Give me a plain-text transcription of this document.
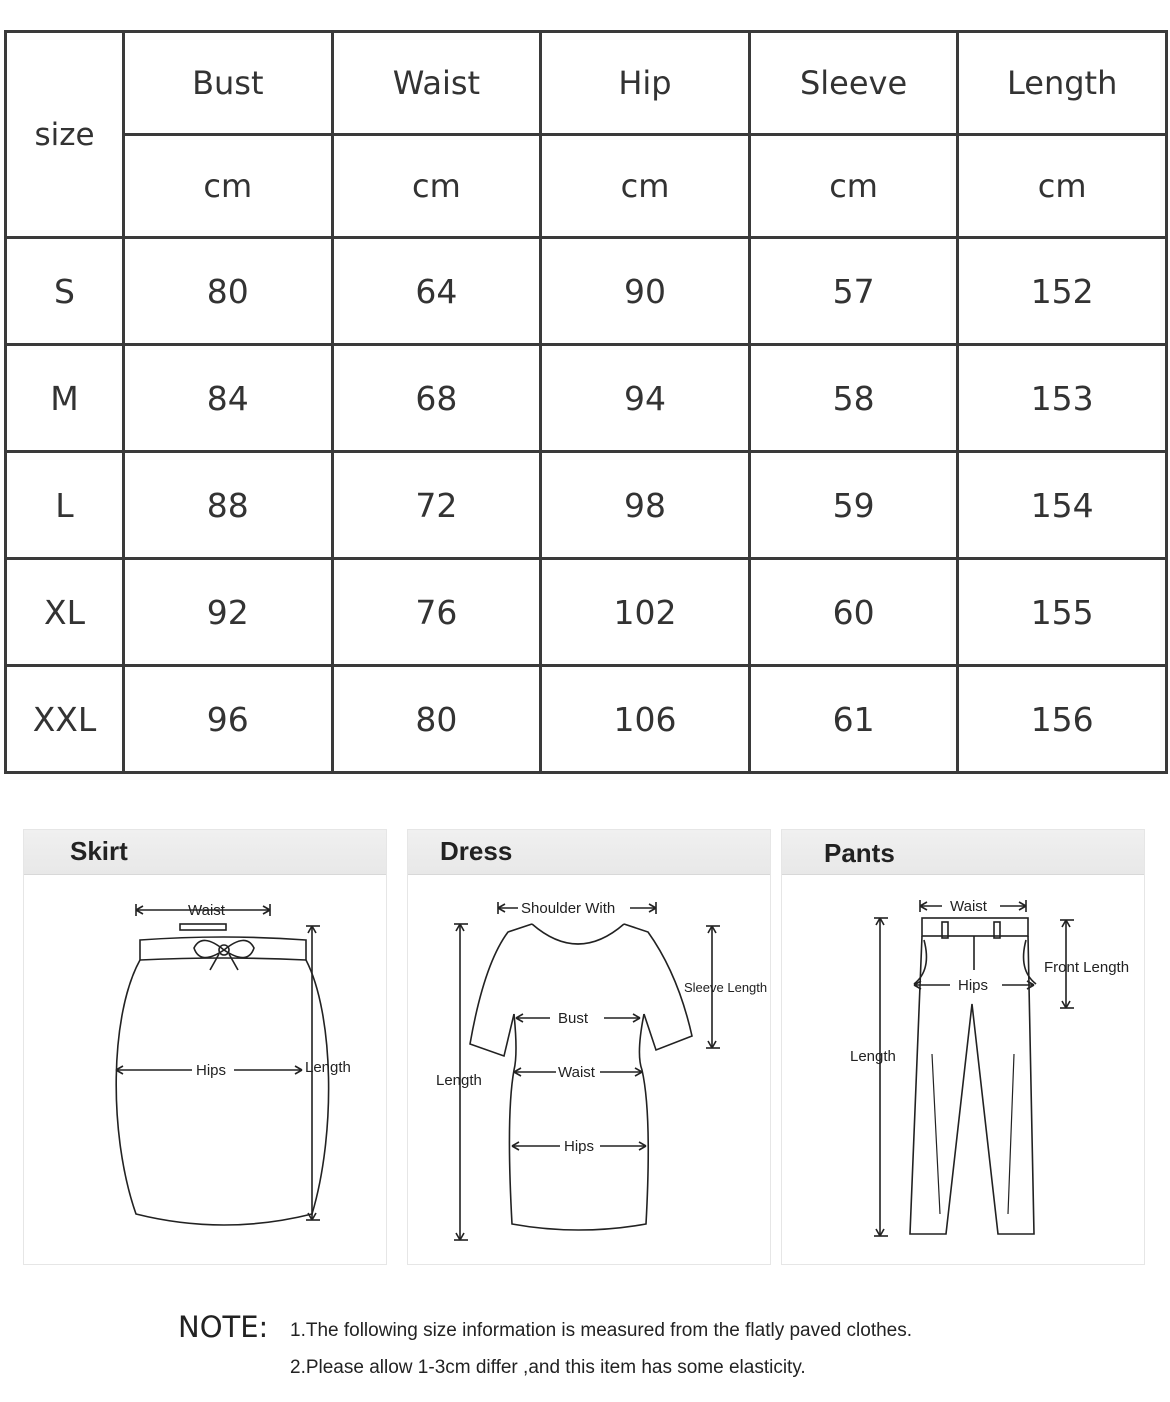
size	Bust	Waist	Hip	Sleeve	Length
	cm	cm	cm	cm	cm
S	80	64	90	57	152
M	84	68	94	58	153
L	88	72	98	59	154
XL	92	76	102	60	155
XXL	96	80	106	61	156
Skirt
Waist
Hips	Length
Dress
Shoulder With
Sleeve Length
Bust
Waist
Hips
Length
Pants
Waist
Front Length
Hips
Length
NOTE: 1.The following size information is measured from the flatly paved clothes.
2.Please allow 1-3cm differ ,and this item has some elasticity.
